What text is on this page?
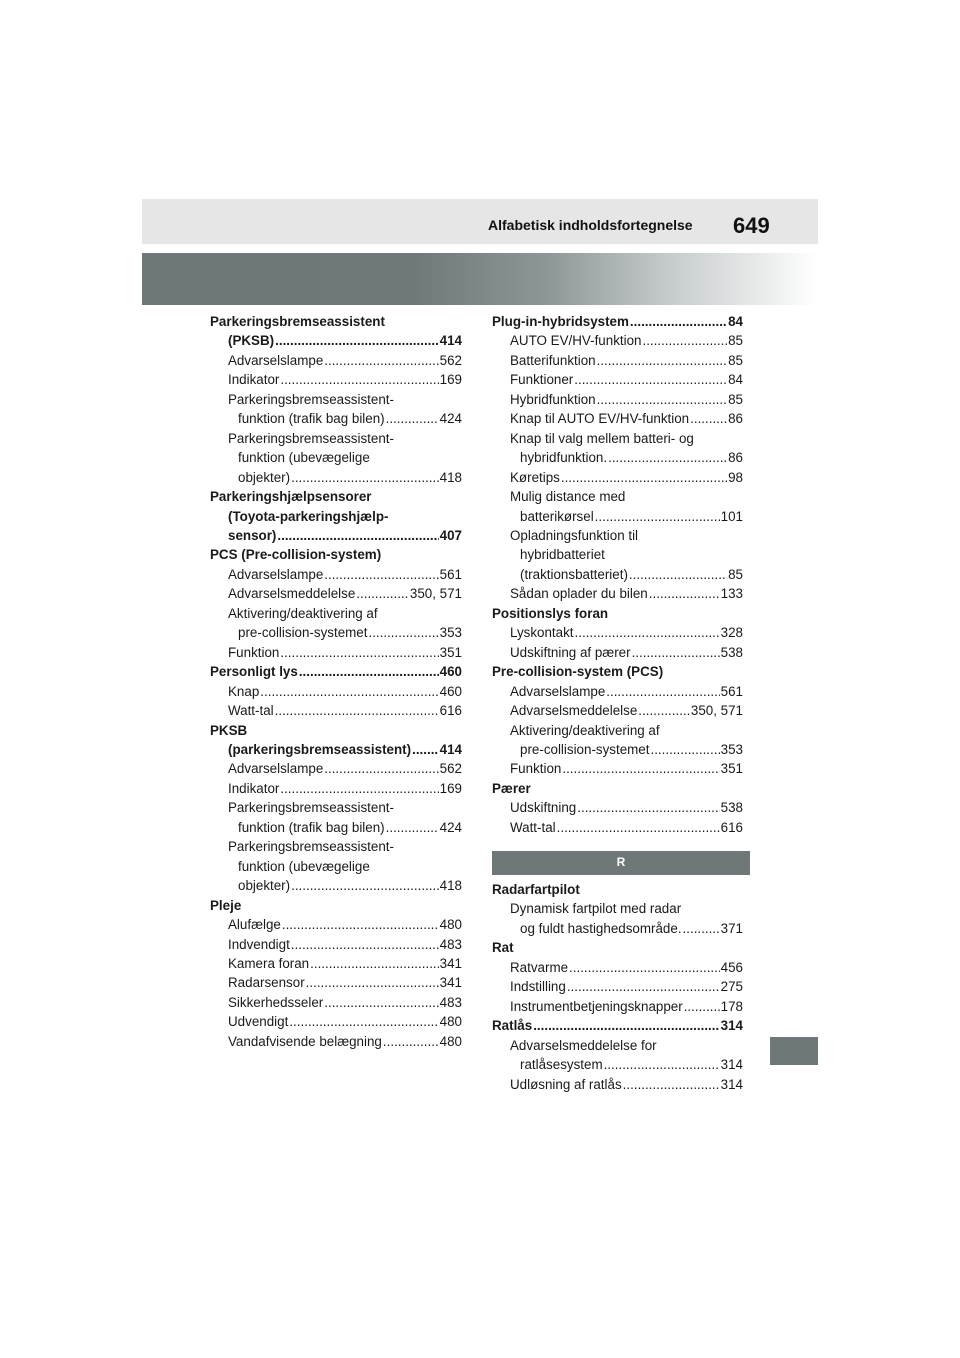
Alfabetisk indholdsfortegnelse 649
Parkeringsbremseassistent
(PKSB) .....	414
Advarselslampe .....	562
Indikator .....	169
Parkeringsbremseassistent-
funktion (trafik bag bilen) .....	424
Parkeringsbremseassistent-
funktion (ubevægelige
objekter) .....	418
Parkeringshjælpsensorer
(Toyota-parkeringshjælp-
sensor) .....	407
PCS (Pre-collision-system)
Advarselslampe .....	561
Advarselsmeddelelse .....	350, 571
Aktivering/deaktivering af
pre-collision-systemet .....	353
Funktion .....	351
Personligt lys .....	460
Knap .....	460
Watt-tal .....	616
PKSB
(parkeringsbremseassistent) ..... 414
Advarselslampe .....	562
Indikator .....	169
Parkeringsbremseassistent-
funktion (trafik bag bilen) .....	424
Parkeringsbremseassistent-
funktion (ubevægelige
objekter) .....	418
Pleje
Alufælge .....	480
Indvendigt .....	483
Kamera foran .....	341
Radarsensor .....	341
Sikkerhedsseler .....	483
Udvendigt .....	480
Vandafvisende belægning .....	480
Plug-in-hybridsystem .....	84
AUTO EV/HV-funktion .....	85
Batterifunktion .....	85
Funktioner .....	84
Hybridfunktion .....	85
Knap til AUTO EV/HV-funktion .....	86
Knap til valg mellem batteri- og
hybridfunktion. .....	86
Køretips .....	98
Mulig distance med
batterikørsel .....	101
Opladningsfunktion til
hybridbatteriet
(traktionsbatteriet) .....	85
Sådan oplader du bilen .....	133
Positionslys foran
Lyskontakt .....	328
Udskiftning af pærer .....	538
Pre-collision-system (PCS)
Advarselslampe .....	561
Advarselsmeddelelse .....	350, 571
Aktivering/deaktivering af
pre-collision-systemet .....	353
Funktion .....	351
Pærer
Udskiftning .....	538
Watt-tal .....	616
R
Radarfartpilot
Dynamisk fartpilot med radar
og fuldt hastighedsområde. .....	371
Rat
Ratvarme .....	456
Indstilling .....	275
Instrumentbetjeningsknapper .....	178
Ratlås .....	314
Advarselsmeddelelse for
ratlåsesystem .....	314
Udløsning af ratlås .....	314
